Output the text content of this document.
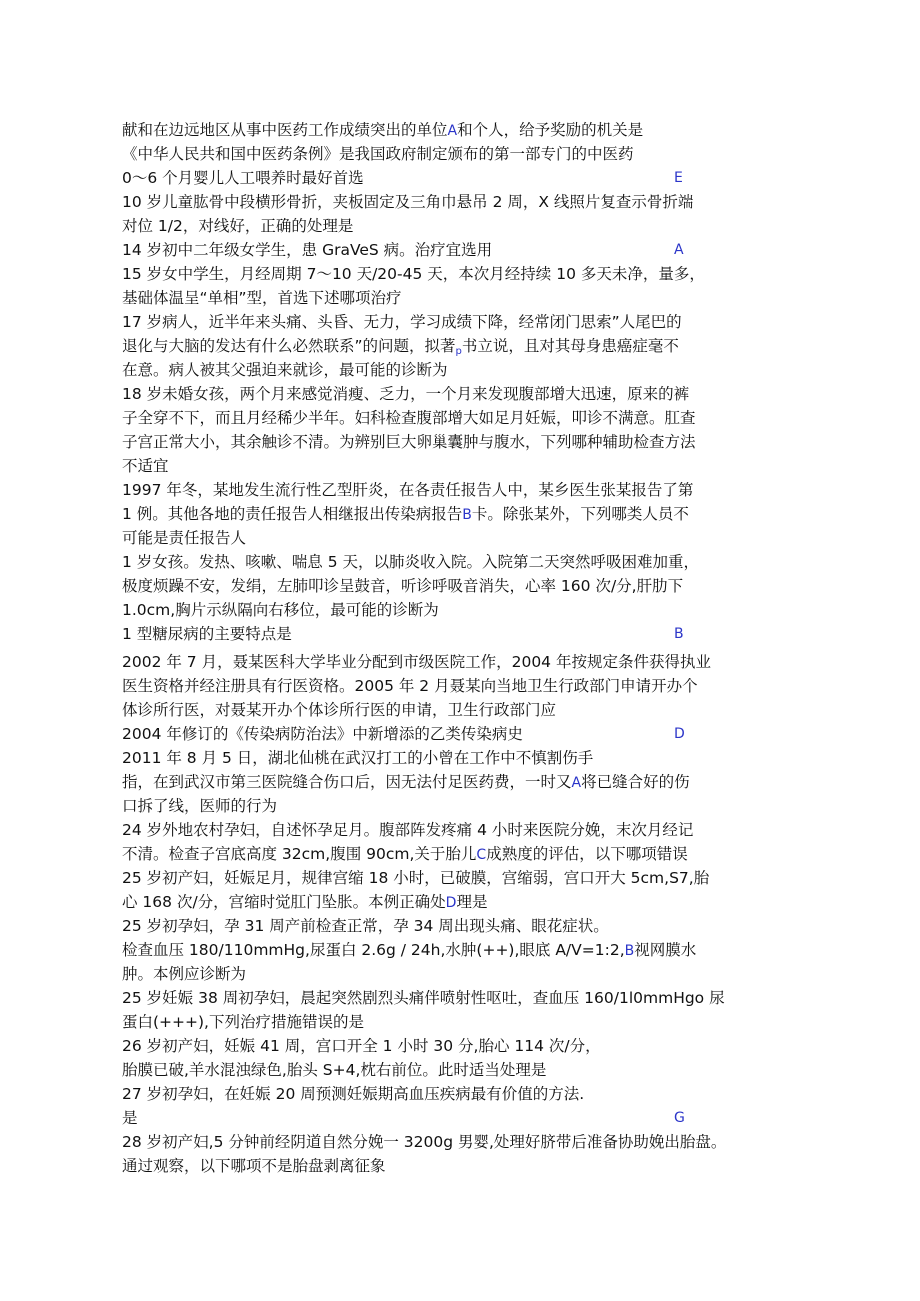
献和在边远地区从事中医药工作成绩突出的单位A和个人，给予奖励的机关是
《中华人民共和国中医药条例》是我国政府制定颁布的第一部专门的中医药
0～6 个月婴儿人工喂养时最好首选	E
10 岁儿童肱骨中段横形骨折，夹板固定及三角巾悬吊 2 周，X 线照片复查示骨折端
对位 1/2，对线好，正确的处理是
14 岁初中二年级女学生，患 GraVeS 病。治疗宜选用	A
15 岁女中学生，月经周期 7～10 天/20-45 天，本次月经持续 10 多天未净，量多，
基础体温呈“单相”型，首选下述哪项治疗
17 岁病人，近半年来头痛、头昏、无力，学习成绩下降，经常闭门思索”人尾巴的
退化与大脑的发达有什么必然联系”的问题，拟著$_p$书立说，且对其母身患癌症毫不
在意。病人被其父强迫来就诊，最可能的诊断为
18 岁未婚女孩，两个月来感觉消瘦、乏力，一个月来发现腹部增大迅速，原来的裤
子全穿不下，而且月经稀少半年。妇科检查腹部增大如足月妊娠，叩诊不满意。肛查
子宫正常大小，其余触诊不清。为辨别巨大卵巢囊肿与腹水，下列哪种辅助检查方法
不适宜
1997 年冬，某地发生流行性乙型肝炎，在各责任报告人中，某乡医生张某报告了第
1 例。其他各地的责任报告人相继报出传染病报告B卡。除张某外，下列哪类人员不
可能是责任报告人
1 岁女孩。发热、咳嗽、喘息 5 天，以肺炎收入院。入院第二天突然呼吸困难加重，
极度烦躁不安，发绢，左肺叩诊呈鼓音，听诊呼吸音消失，心率 160 次/分,肝肋下
1.0cm,胸片示纵隔向右移位，最可能的诊断为
1 型糖尿病的主要特点是	B
2002 年 7 月，聂某医科大学毕业分配到市级医院工作，2004 年按规定条件获得执业
医生资格并经注册具有行医资格。2005 年 2 月聂某向当地卫生行政部门申请开办个
体诊所行医，对聂某开办个体诊所行医的申请，卫生行政部门应
2004 年修订的《传染病防治法》中新增添的乙类传染病史	D
2011 年 8 月 5 日，湖北仙桃在武汉打工的小曾在工作中不慎割伤手
指，在到武汉市第三医院缝合伤口后，因无法付足医药费，一时又A将已缝合好的伤
口拆了线，医师的行为
24 岁外地农村孕妇，自述怀孕足月。腹部阵发疼痛 4 小时来医院分娩，末次月经记
不清。检查子宫底高度 32cm,腹围 90cm,关于胎儿C成熟度的评估，以下哪项错误
25 岁初产妇，妊娠足月，规律宫缩 18 小时，已破膜，宫缩弱，宫口开大 5cm,S7,胎
心 168 次/分，宫缩时觉肛门坠胀。本例正确处D理是
25 岁初孕妇，孕 31 周产前检查正常，孕 34 周出现头痛、眼花症状。
检查血压 180/110mmHg,尿蛋白 2.6g / 24h,水肿(++),眼底 A/V=1:2,B视网膜水
肿。本例应诊断为
25 岁妊娠 38 周初孕妇，晨起突然剧烈头痛伴喷射性呕吐，查血压 160/1l0mmHgo 尿
蛋白(+++),下列治疗措施错误的是
26 岁初产妇，妊娠 41 周，宫口开全 1 小时 30 分,胎心 114 次/分，
胎膜已破,羊水混浊绿色,胎头 S+4,枕右前位。此时适当处理是
27 岁初孕妇，在妊娠 20 周预测妊娠期高血压疾病最有价值的方法.
是	G
28 岁初产妇,5 分钟前经阴道自然分娩一 3200g 男婴,处理好脐带后准备协助娩出胎盘。
通过观察，以下哪项不是胎盘剥离征象
